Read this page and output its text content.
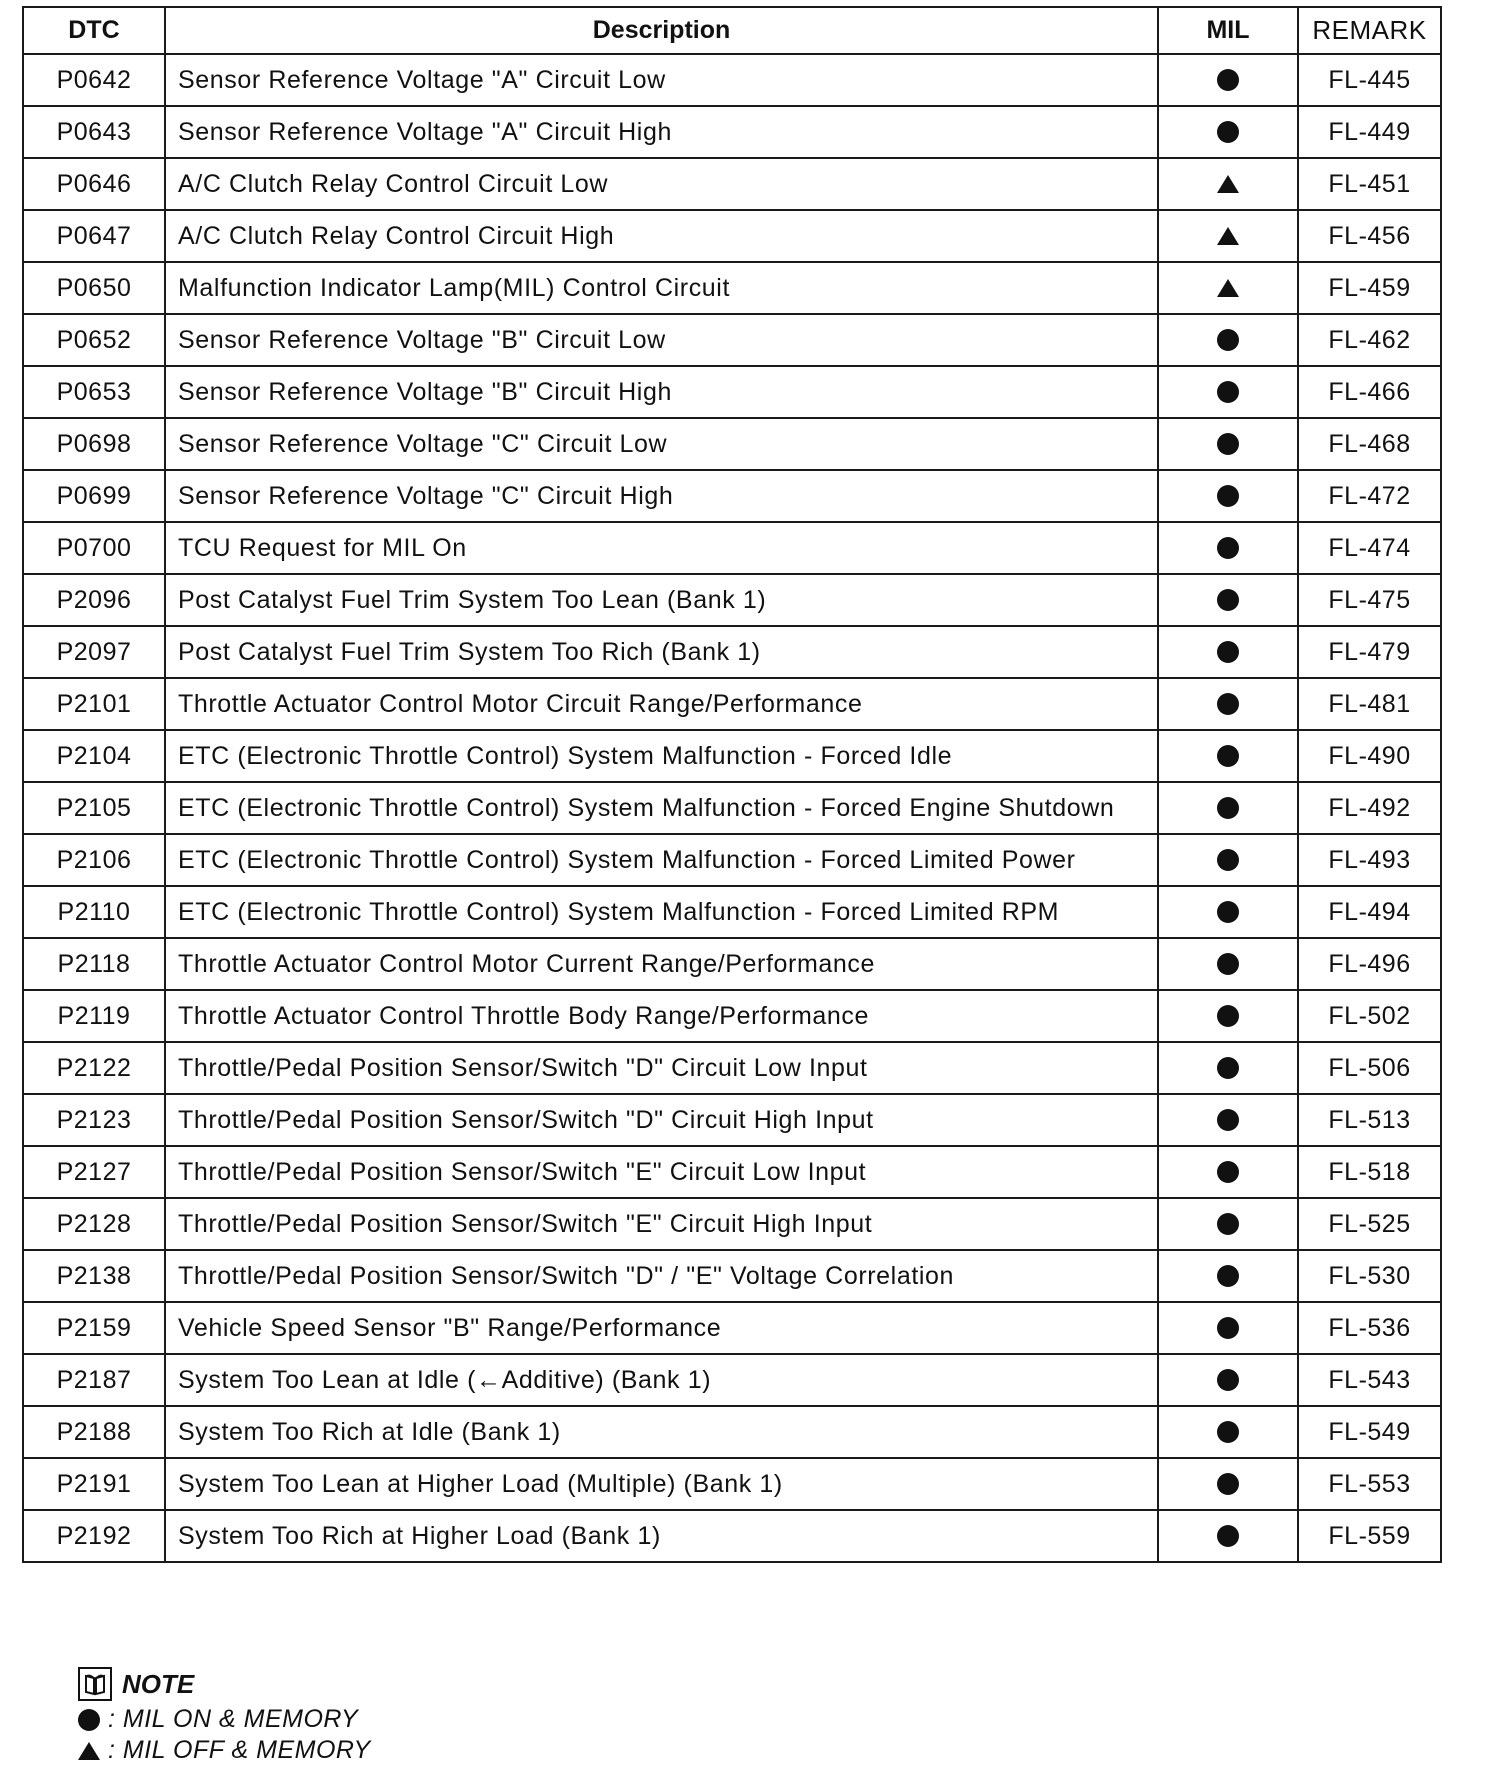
DTC	Description	MIL	REMARK
P0642	Sensor Reference Voltage "A" Circuit Low		FL-445
P0643	Sensor Reference Voltage "A" Circuit High		FL-449
P0646	A/C Clutch Relay Control Circuit Low		FL-451
P0647	A/C Clutch Relay Control Circuit High		FL-456
P0650	Malfunction Indicator Lamp(MIL) Control Circuit		FL-459
P0652	Sensor Reference Voltage "B" Circuit Low		FL-462
P0653	Sensor Reference Voltage "B" Circuit High		FL-466
P0698	Sensor Reference Voltage "C" Circuit Low		FL-468
P0699	Sensor Reference Voltage "C" Circuit High		FL-472
P0700	TCU Request for MIL On		FL-474
P2096	Post Catalyst Fuel Trim System Too Lean (Bank 1)		FL-475
P2097	Post Catalyst Fuel Trim System Too Rich (Bank 1)		FL-479
P2101	Throttle Actuator Control Motor Circuit Range/Performance		FL-481
P2104	ETC (Electronic Throttle Control) System Malfunction - Forced Idle		FL-490
P2105	ETC (Electronic Throttle Control) System Malfunction - Forced Engine Shutdown		FL-492
P2106	ETC (Electronic Throttle Control) System Malfunction - Forced Limited Power		FL-493
P2110	ETC (Electronic Throttle Control) System Malfunction - Forced Limited RPM		FL-494
P2118	Throttle Actuator Control Motor Current Range/Performance		FL-496
P2119	Throttle Actuator Control Throttle Body Range/Performance		FL-502
P2122	Throttle/Pedal Position Sensor/Switch "D" Circuit Low Input		FL-506
P2123	Throttle/Pedal Position Sensor/Switch "D" Circuit High Input		FL-513
P2127	Throttle/Pedal Position Sensor/Switch "E" Circuit Low Input		FL-518
P2128	Throttle/Pedal Position Sensor/Switch "E" Circuit High Input		FL-525
P2138	Throttle/Pedal Position Sensor/Switch "D" / "E" Voltage Correlation		FL-530
P2159	Vehicle Speed Sensor "B" Range/Performance		FL-536
P2187	System Too Lean at Idle (←Additive) (Bank 1)		FL-543
P2188	System Too Rich at Idle (Bank 1)		FL-549
P2191	System Too Lean at Higher Load (Multiple) (Bank 1)		FL-553
P2192	System Too Rich at Higher Load (Bank 1)		FL-559
NOTE
: MIL ON & MEMORY
: MIL OFF & MEMORY
